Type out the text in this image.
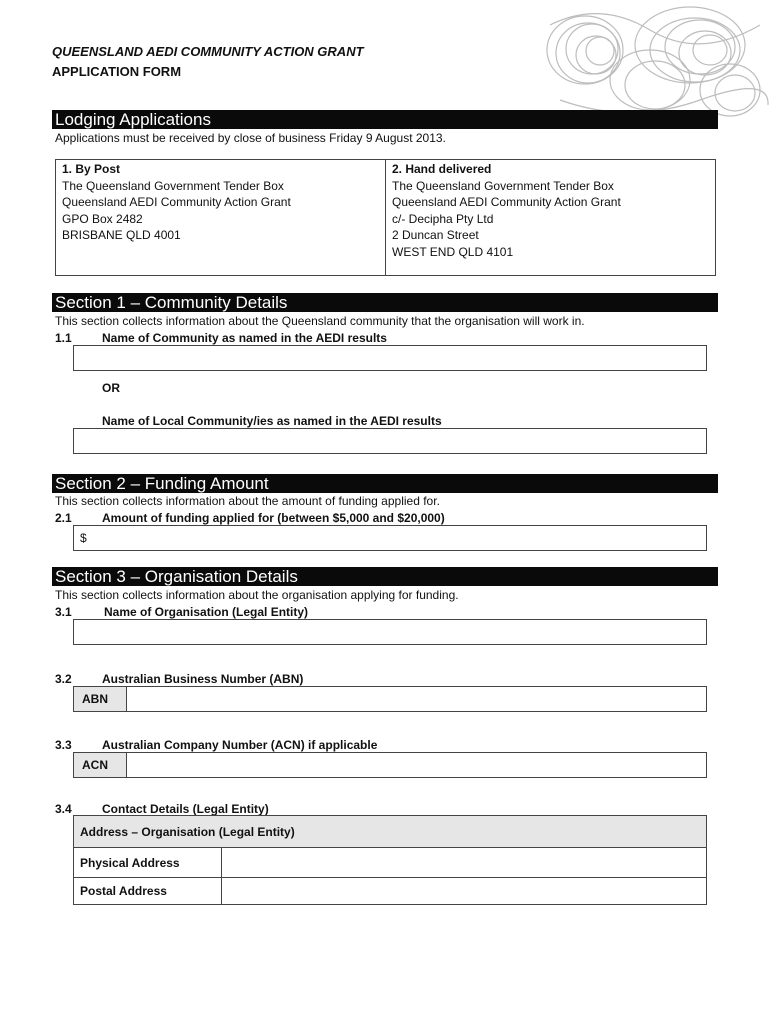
QUEENSLAND AEDI COMMUNITY ACTION GRANT
APPLICATION FORM
Lodging Applications
Applications must be received by close of business Friday 9 August 2013.
1. By Post
The Queensland Government Tender Box
Queensland AEDI Community Action Grant
GPO Box 2482
BRISBANE QLD 4001
2. Hand delivered
The Queensland Government Tender Box
Queensland AEDI Community Action Grant
c/- Decipha Pty Ltd
2 Duncan Street
WEST END QLD 4101
Section 1 – Community Details
This section collects information about the Queensland community that the organisation will work in.
1.1	Name of Community as named in the AEDI results
OR
Name of Local Community/ies as named in the AEDI results
Section 2 – Funding Amount
This section collects information about the amount of funding applied for.
2.1	Amount of funding applied for (between $5,000 and $20,000)
$
Section 3 – Organisation Details
This section collects information about the organisation applying for funding.
3.1	Name of Organisation (Legal Entity)
3.2	Australian Business Number (ABN)
ABN
3.3	Australian Company Number (ACN) if applicable
ACN
3.4	Contact Details (Legal Entity)
Address – Organisation (Legal Entity)
Physical Address
Postal Address
